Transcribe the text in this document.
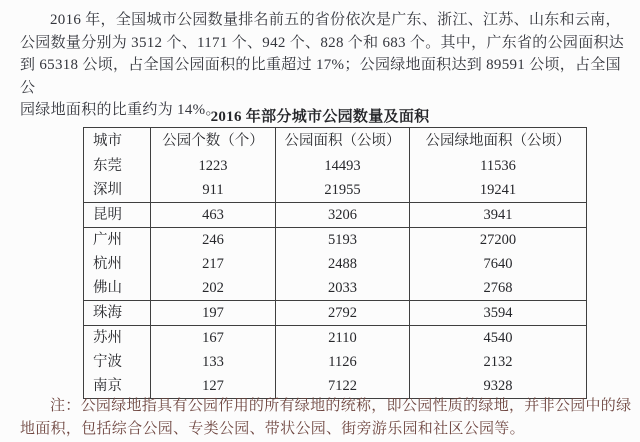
2016 年，全国城市公园数量排名前五的省份依次是广东、浙江、江苏、山东和云南，
公园数量分别为 3512 个、1171 个、942 个、828 个和 683 个。其中，广东省的公园面积达
到 65318 公顷，占全国公园面积的比重超过 17%；公园绿地面积达到 89591 公顷，占全国公
园绿地面积的比重约为 14%。
2016 年部分城市公园数量及面积
城市	公园个数（个）	公园面积（公顷）	公园绿地面积（公顷）
东莞	1223	14493	11536
深圳	911	21955	19241
昆明	463	3206	3941
广州	246	5193	27200
杭州	217	2488	7640
佛山	202	2033	2768
珠海	197	2792	3594
苏州	167	2110	4540
宁波	133	1126	2132
南京	127	7122	9328
注：公园绿地指具有公园作用的所有绿地的统称，即公园性质的绿地，并非公园中的绿
地面积，包括综合公园、专类公园、带状公园、街旁游乐园和社区公园等。
